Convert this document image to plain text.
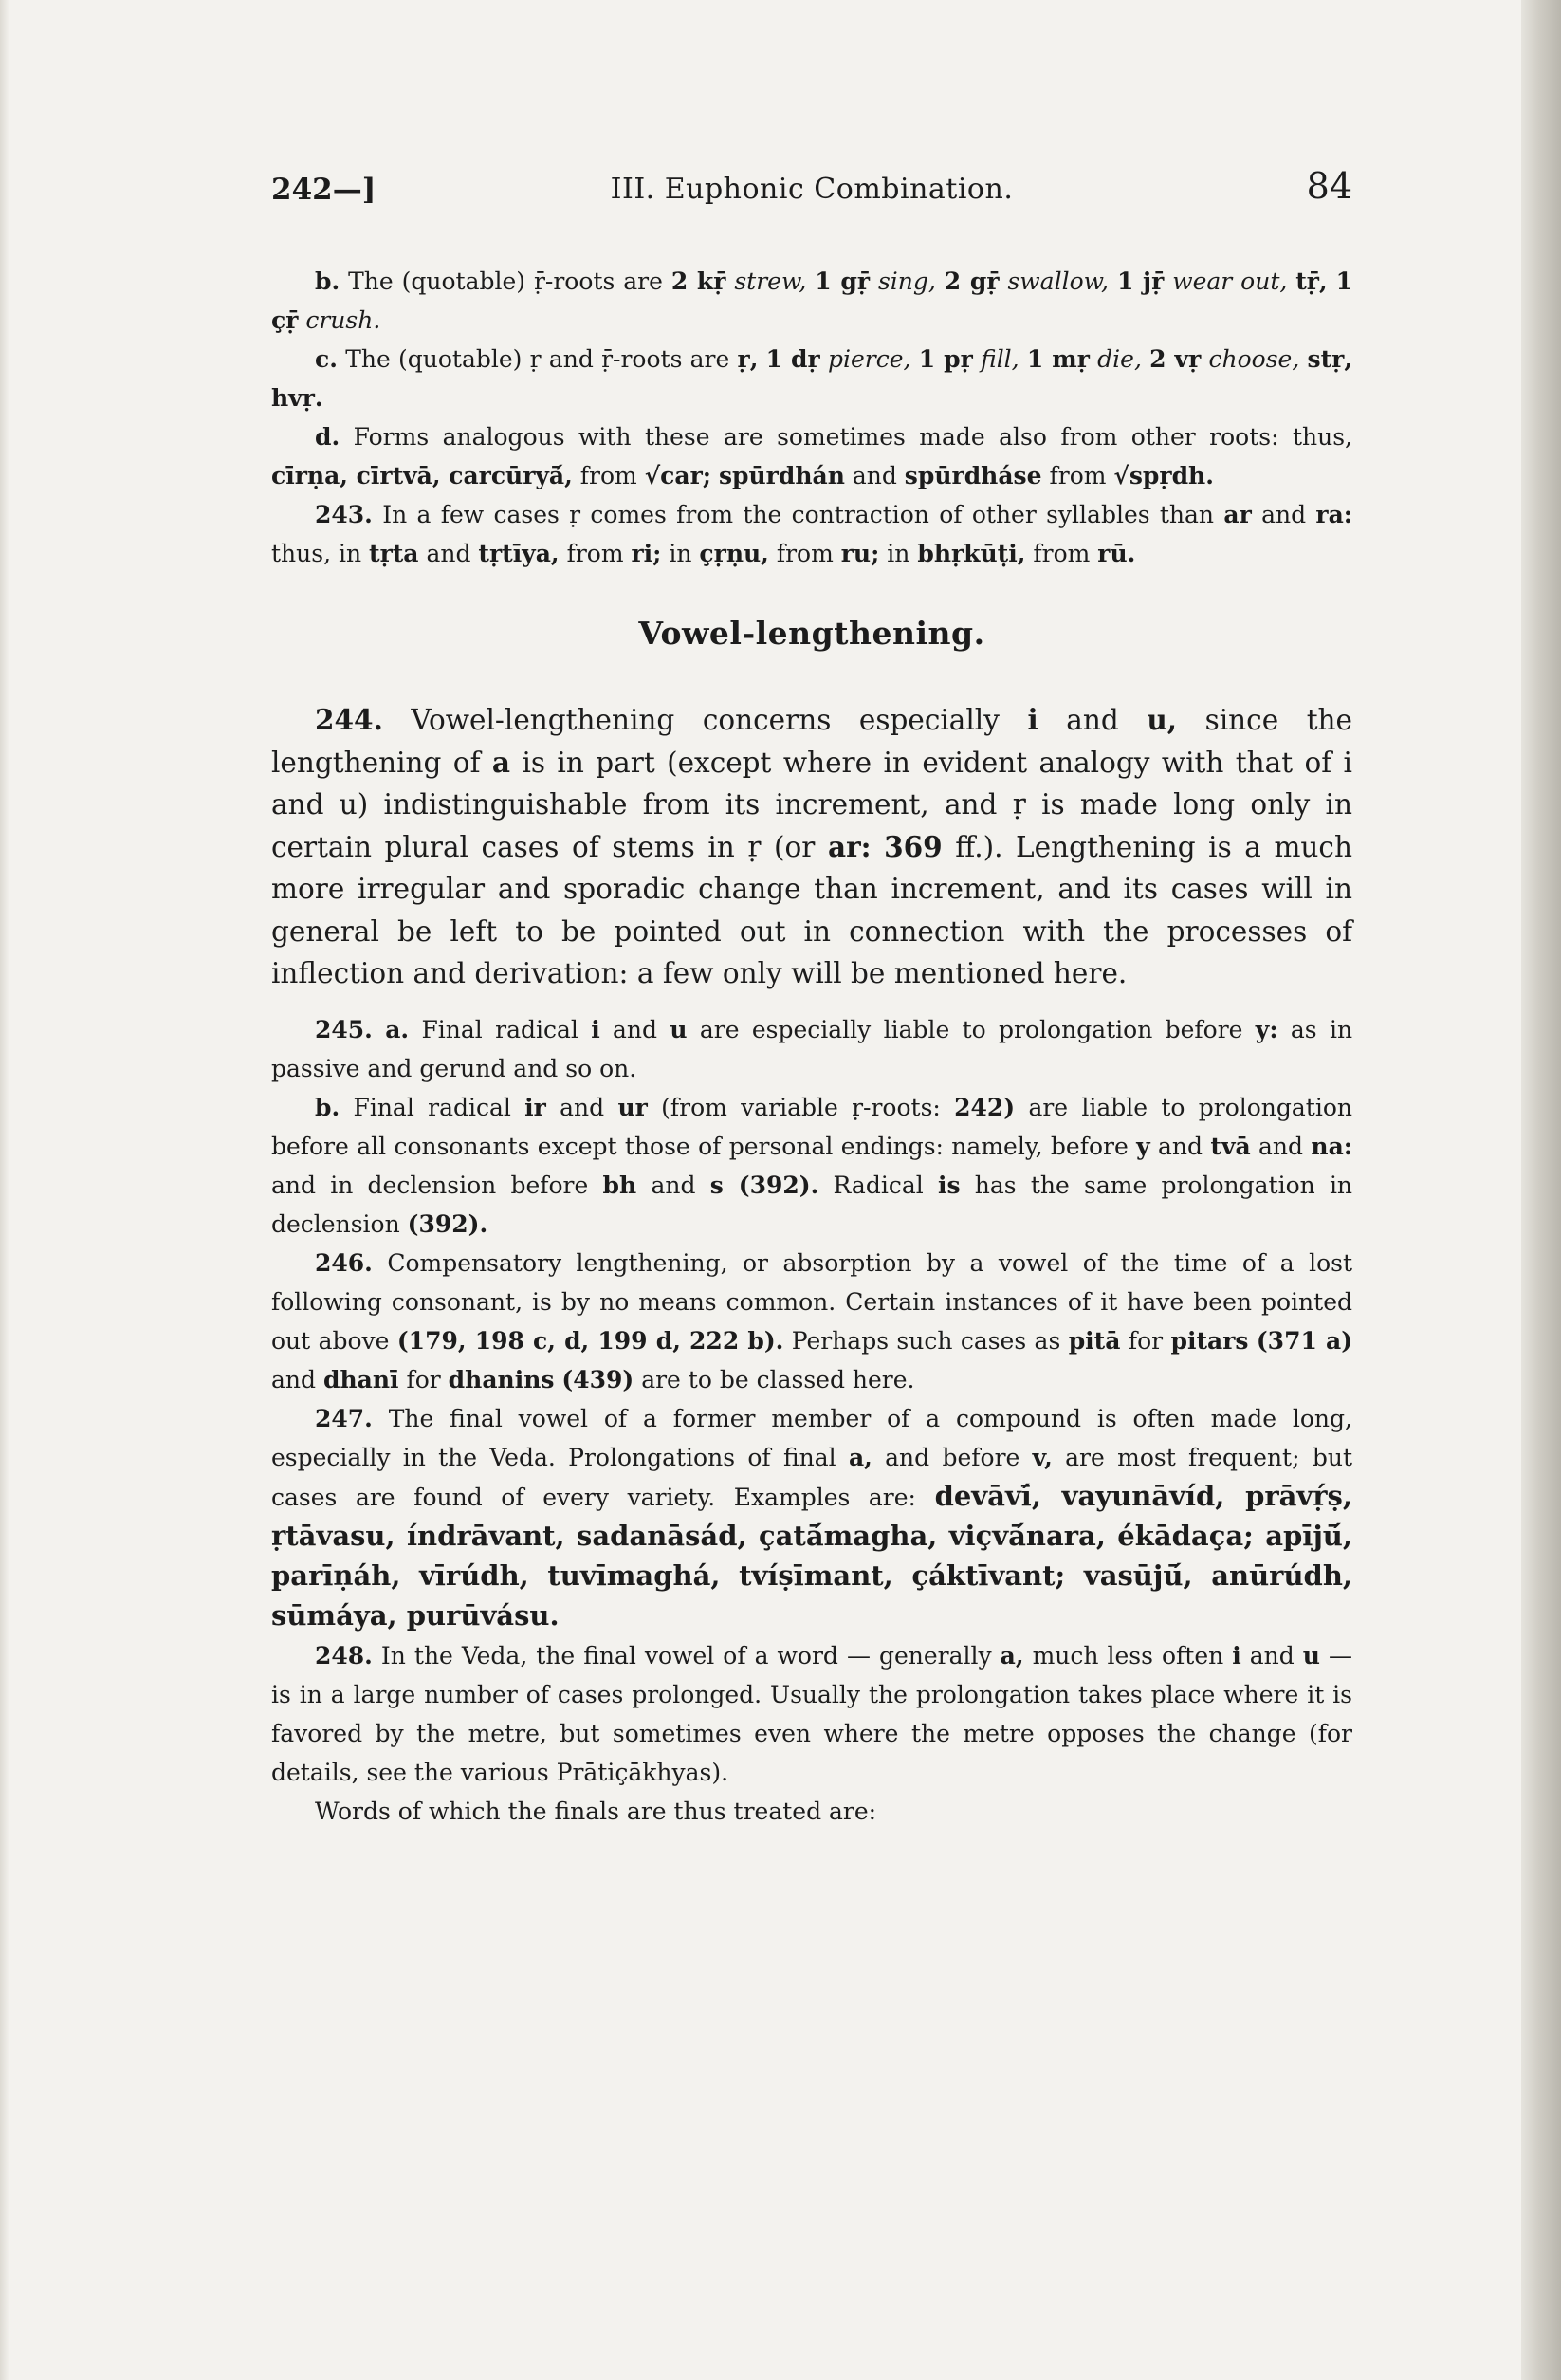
242—]	III. Euphonic Combination.	84

b. The (quotable) ṝ-roots are 2 kṝ strew, 1 gṝ sing, 2 gṝ swallow, 1 jṝ wear out, tṝ, 1 çṝ crush.

c. The (quotable) ṛ and ṝ-roots are ṛ, 1 dṛ pierce, 1 pṛ fill, 1 mṛ die, 2 vṛ choose, stṛ, hvṛ.

d. Forms analogous with these are sometimes made also from other roots: thus, cīrṇa, cīrtvā, carcūryā́, from √car; spūrdhán and spūrdháse from √spṛdh.

243. In a few cases ṛ comes from the contraction of other syllables than ar and ra: thus, in tṛta and tṛtīya, from ri; in çṛṇu, from ru; in bhṛkūṭi, from rū.

Vowel-lengthening.

244. Vowel-lengthening concerns especially i and u, since the lengthening of a is in part (except where in evident analogy with that of i and u) indistinguishable from its increment, and ṛ is made long only in certain plural cases of stems in ṛ (or ar: 369 ff.). Lengthening is a much more irregular and sporadic change than increment, and its cases will in general be left to be pointed out in connection with the processes of inflection and derivation: a few only will be mentioned here.

245. a. Final radical i and u are especially liable to prolongation before y: as in passive and gerund and so on.

b. Final radical ir and ur (from variable ṛ-roots: 242) are liable to prolongation before all consonants except those of personal endings: namely, before y and tvā and na: and in declension before bh and s (392). Radical is has the same prolongation in declension (392).

246. Compensatory lengthening, or absorption by a vowel of the time of a lost following consonant, is by no means common. Certain instances of it have been pointed out above (179, 198 c, d, 199 d, 222 b). Perhaps such cases as pitā for pitars (371 a) and dhanī for dhanins (439) are to be classed here.

247. The final vowel of a former member of a compound is often made long, especially in the Veda. Prolongations of final a, and before v, are most frequent; but cases are found of every variety. Examples are: devāvī́, vayunāvíd, prāvṛ́ṣ, ṛtāvasu, índrāvant, sadanāsád, çatā́magha, viçvā́nara, ékādaça; apījū́, parīṇáh, vīrúdh, tuvīmaghá, tvíṣīmant, çáktīvant; vasūjū́, anūrúdh, sūmáya, purūvásu.

248. In the Veda, the final vowel of a word — generally a, much less often i and u — is in a large number of cases prolonged. Usually the prolongation takes place where it is favored by the metre, but sometimes even where the metre opposes the change (for details, see the various Prātiçākhyas).

Words of which the finals are thus treated are:
